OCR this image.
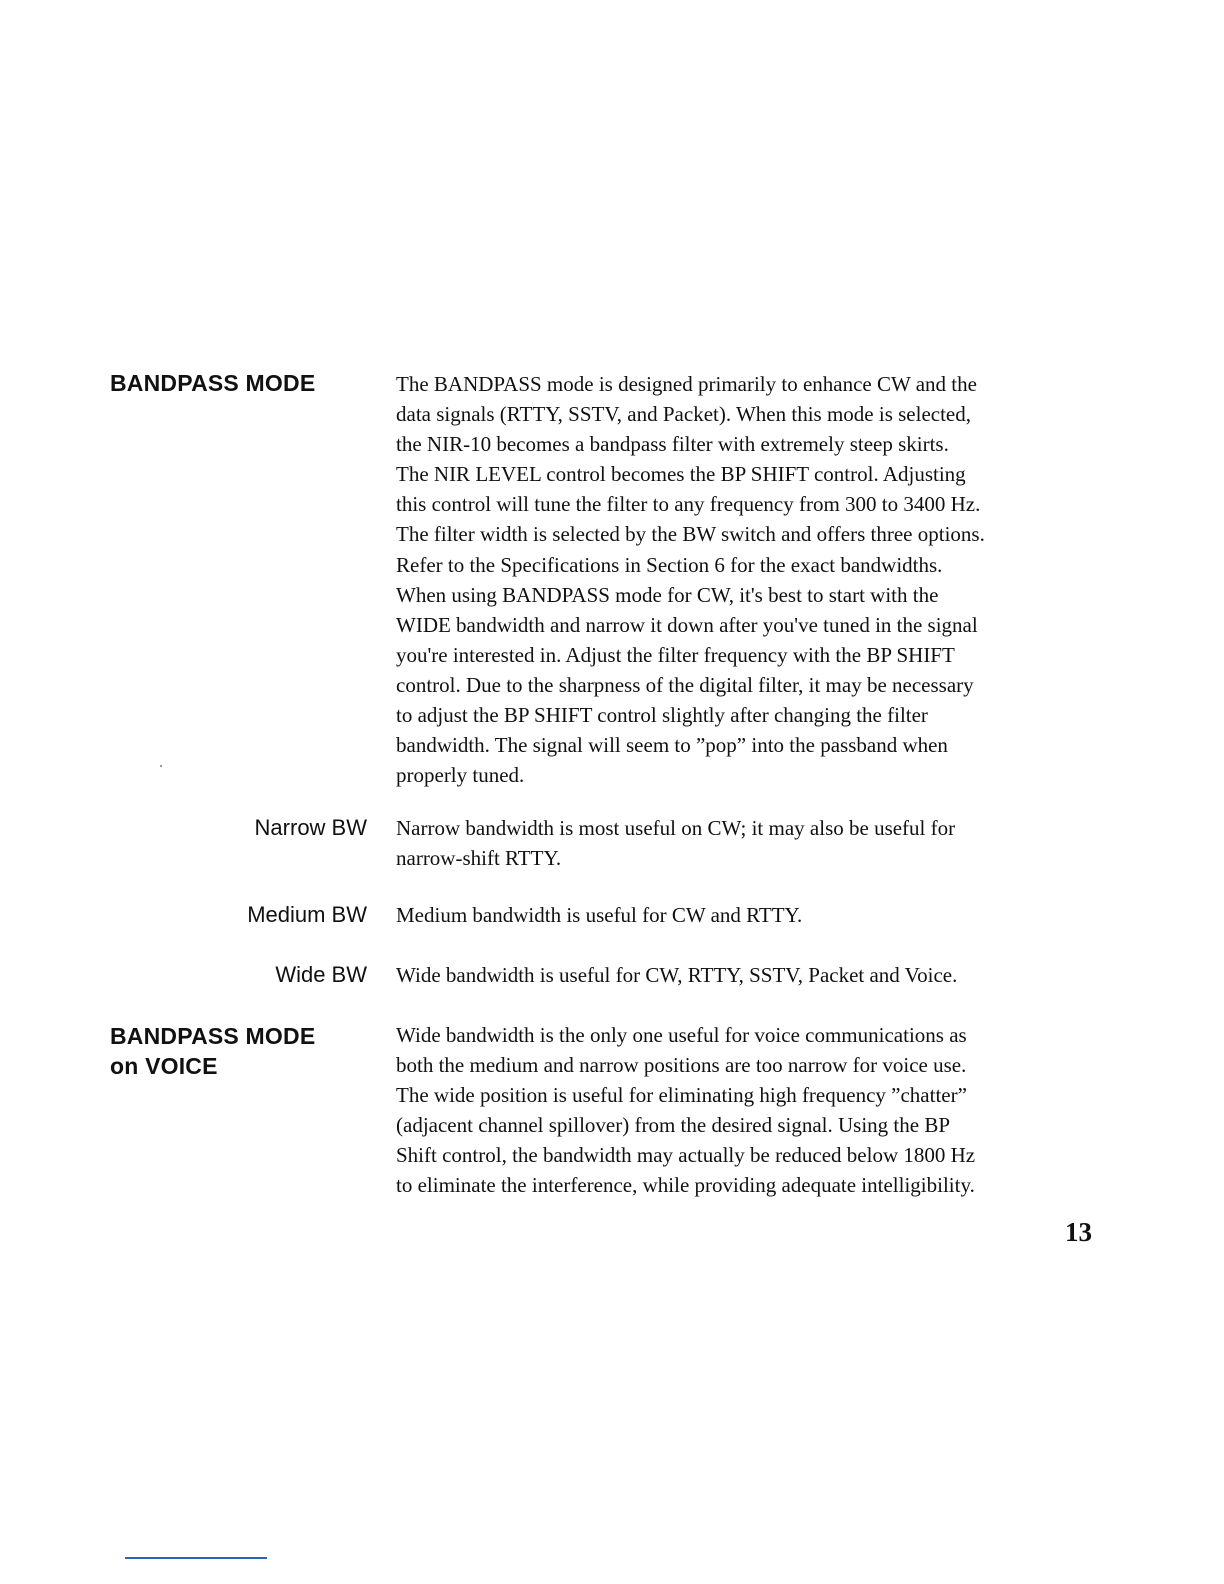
BANDPASS MODE	The BANDPASS mode is designed primarily to enhance CW and the
data signals (RTTY, SSTV, and Packet). When this mode is selected,
the NIR-10 becomes a bandpass filter with extremely steep skirts.
The NIR LEVEL control becomes the BP SHIFT control. Adjusting
this control will tune the filter to any frequency from 300 to 3400 Hz.
The filter width is selected by the BW switch and offers three options.
Refer to the Specifications in Section 6 for the exact bandwidths.
When using BANDPASS mode for CW, it's best to start with the
WIDE bandwidth and narrow it down after you've tuned in the signal
you're interested in. Adjust the filter frequency with the BP SHIFT
control. Due to the sharpness of the digital filter, it may be necessary
to adjust the BP SHIFT control slightly after changing the filter
bandwidth. The signal will seem to ”pop” into the passband when
properly tuned.

Narrow BW Narrow bandwidth is most useful on CW; it may also be useful for
narrow-shift RTTY.

Medium BW Medium bandwidth is useful for CW and RTTY.

Wide BW Wide bandwidth is useful for CW, RTTY, SSTV, Packet and Voice.

BANDPASS MODE
on VOICE

Wide bandwidth is the only one useful for voice communications as
both the medium and narrow positions are too narrow for voice use.
The wide position is useful for eliminating high frequency ”chatter”
(adjacent channel spillover) from the desired signal. Using the BP
Shift control, the bandwidth may actually be reduced below 1800 Hz
to eliminate the interference, while providing adequate intelligibility.

13
